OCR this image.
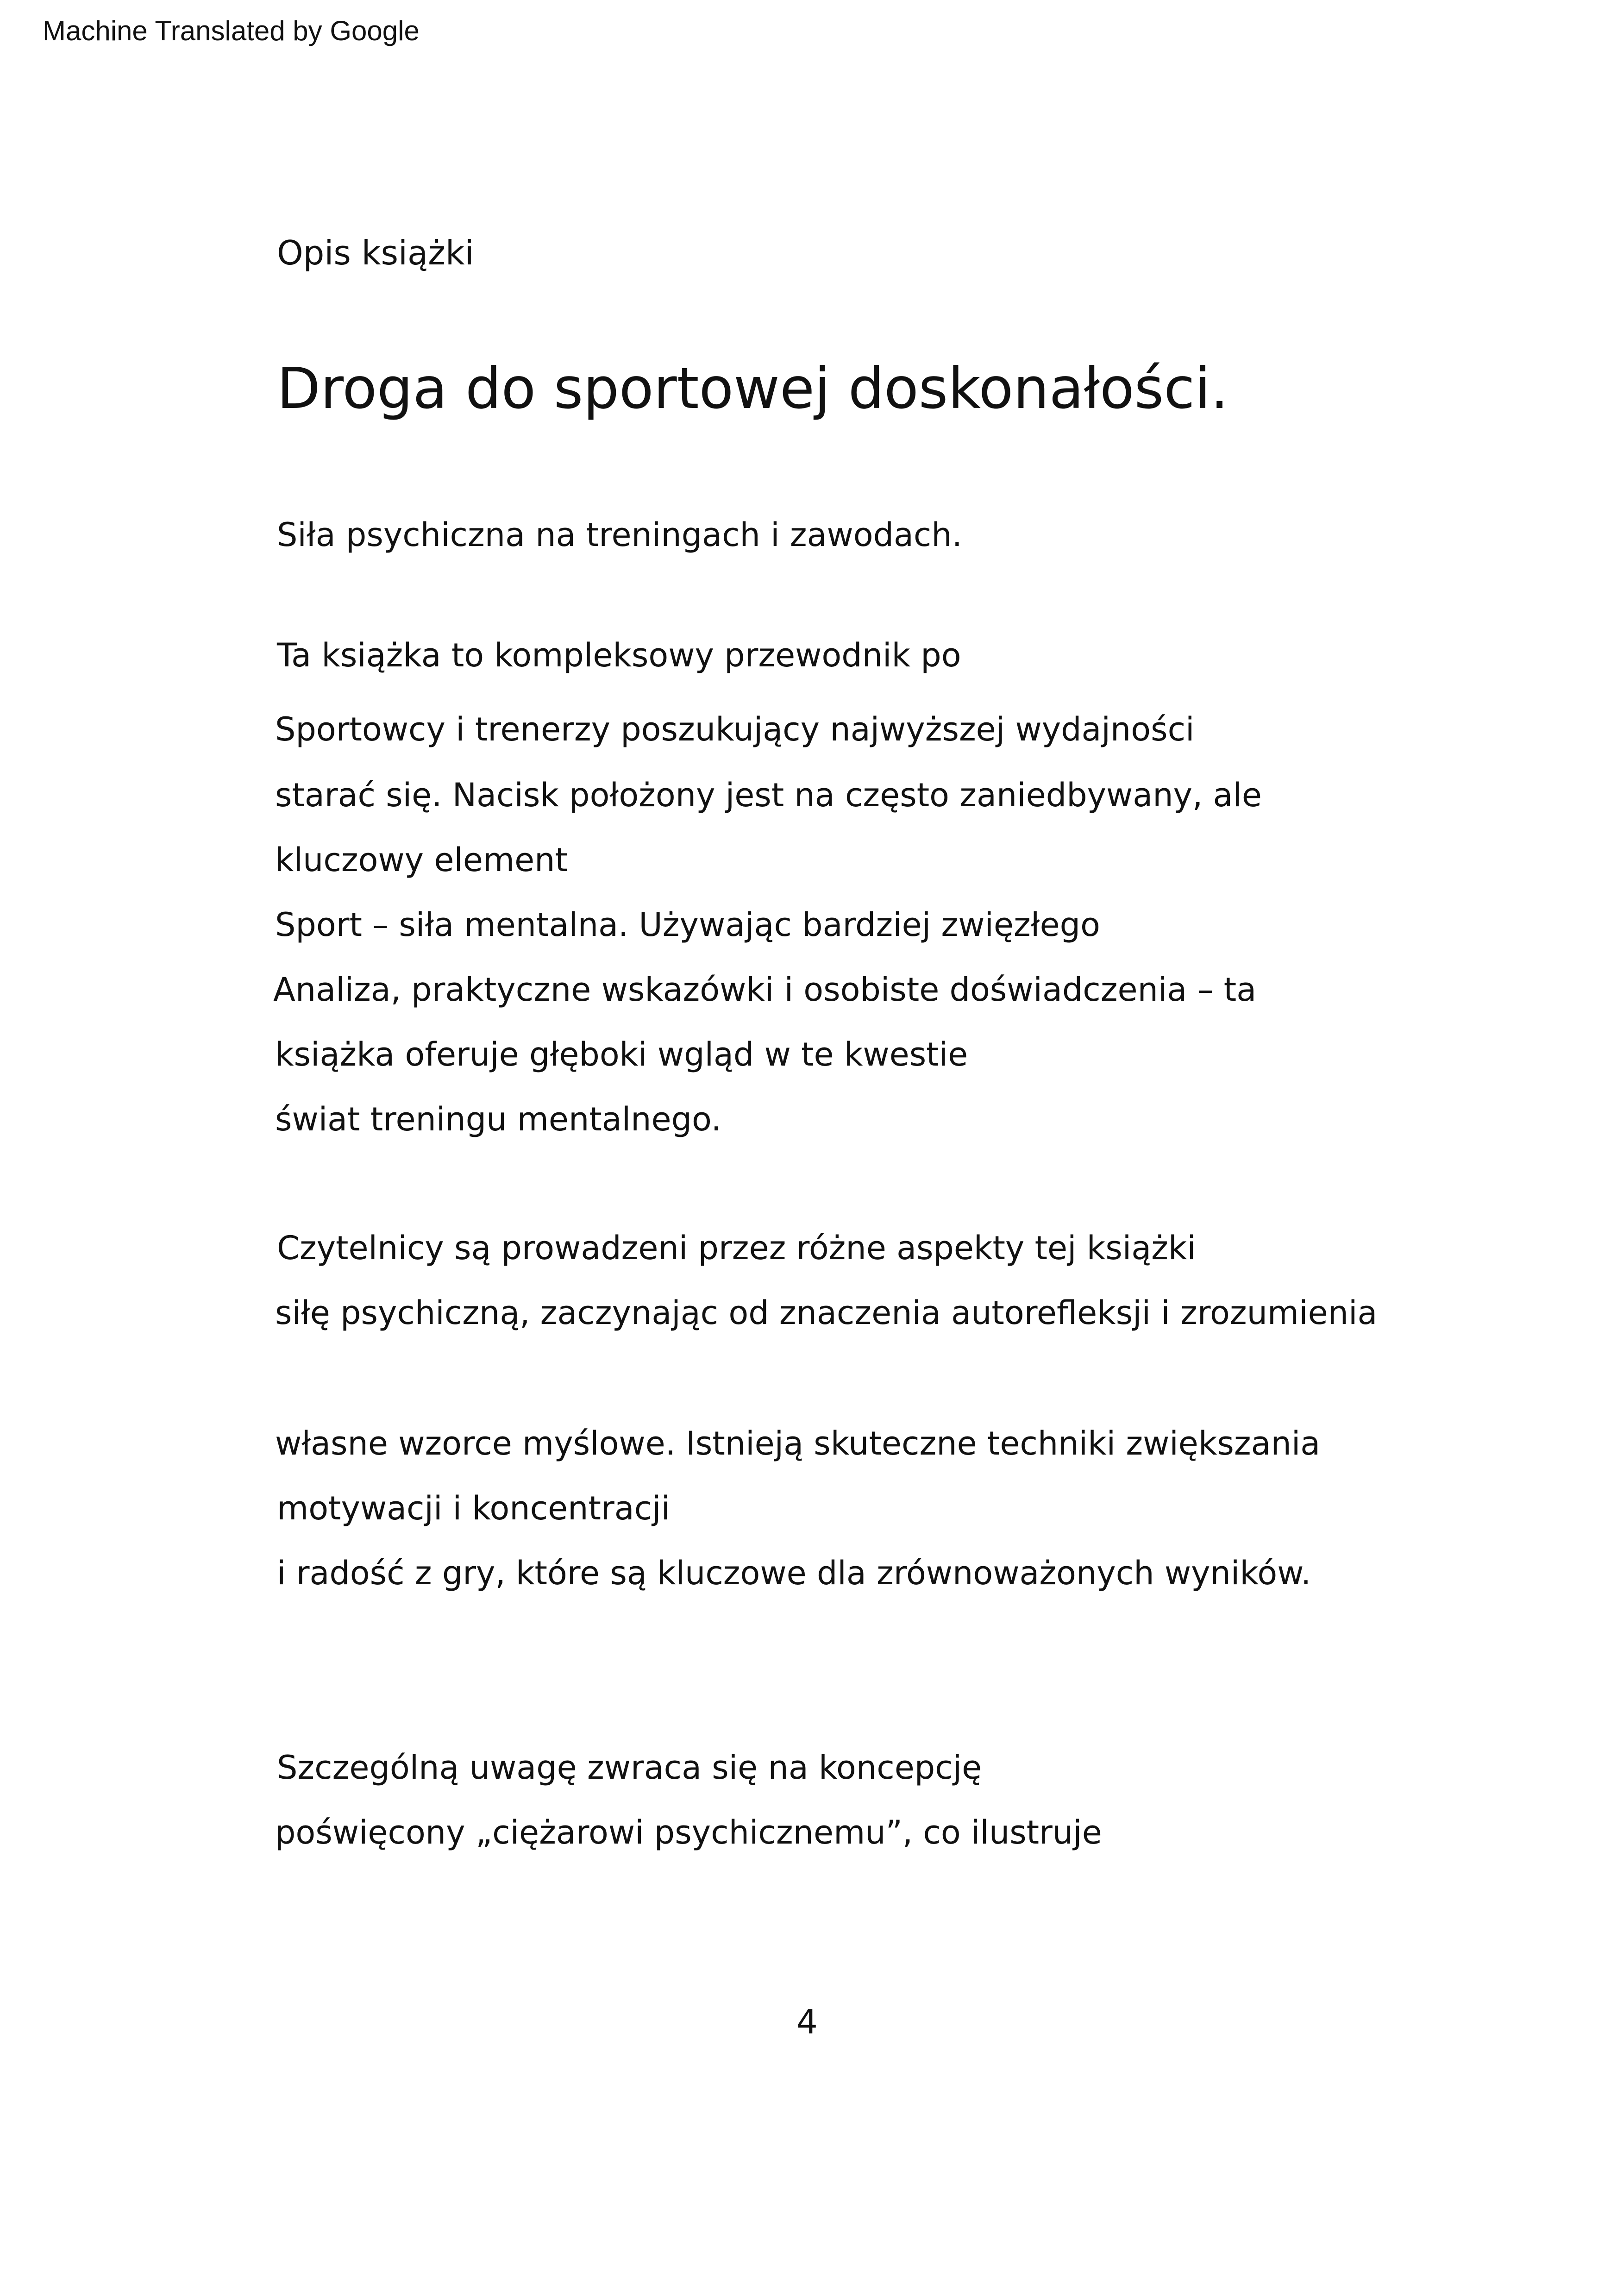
Machine Translated by Google
Opis książki
Droga do sportowej doskonałości.
Siła psychiczna na treningach i zawodach.
Ta książka to kompleksowy przewodnik po
Sportowcy i trenerzy poszukujący najwyższej wydajności
starać się. Nacisk położony jest na często zaniedbywany, ale
kluczowy element
Sport – siła mentalna. Używając bardziej zwięzłego
Analiza, praktyczne wskazówki i osobiste doświadczenia – ta
książka oferuje głęboki wgląd w te kwestie
świat treningu mentalnego.
Czytelnicy są prowadzeni przez różne aspekty tej książki
siłę psychiczną, zaczynając od znaczenia autorefleksji i zrozumienia
własne wzorce myślowe. Istnieją skuteczne techniki zwiększania
motywacji i koncentracji
i radość z gry, które są kluczowe dla zrównoważonych wyników.
Szczególną uwagę zwraca się na koncepcję
poświęcony „ciężarowi psychicznemu”, co ilustruje
4
